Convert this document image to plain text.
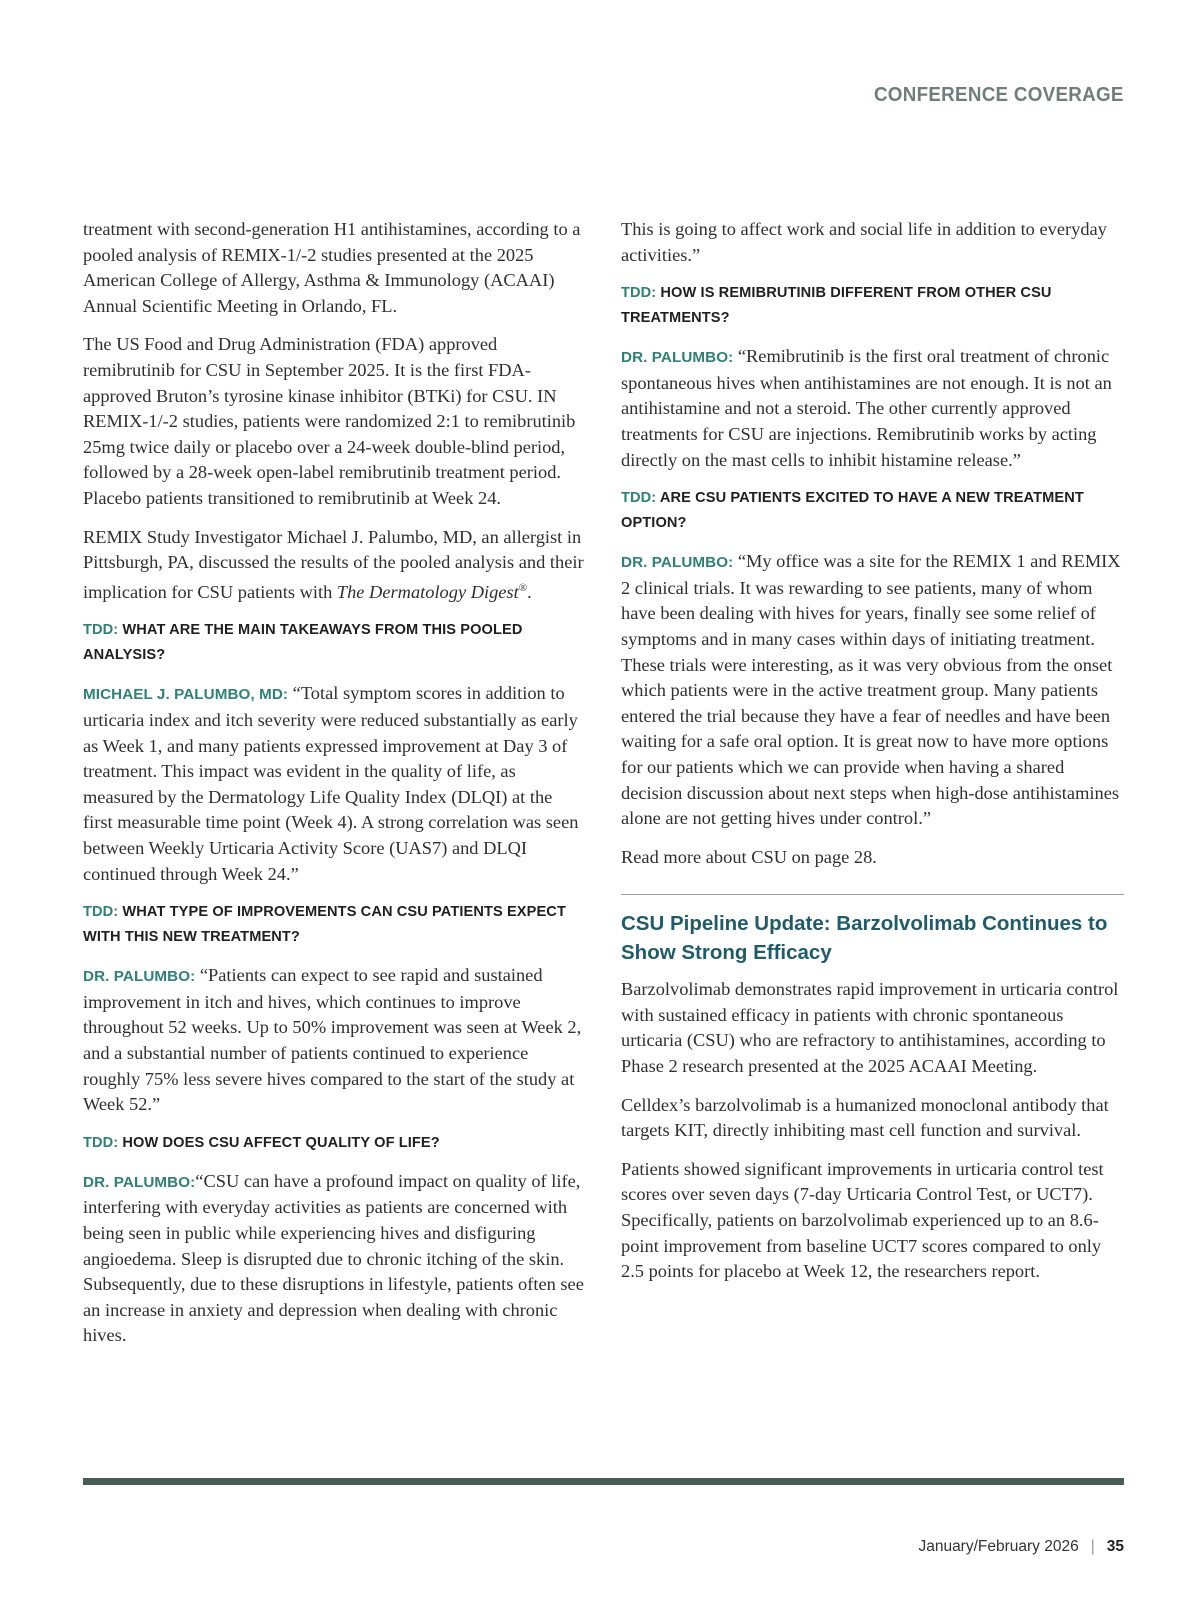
CONFERENCE COVERAGE

treatment with second-generation H1 antihistamines, according to a pooled analysis of REMIX-1/-2 studies presented at the 2025 American College of Allergy, Asthma & Immunology (ACAAI) Annual Scientific Meeting in Orlando, FL.

The US Food and Drug Administration (FDA) approved remibrutinib for CSU in September 2025. It is the first FDA-approved Bruton’s tyrosine kinase inhibitor (BTKi) for CSU. IN REMIX-1/-2 studies, patients were randomized 2:1 to remibrutinib 25mg twice daily or placebo over a 24-week double-blind period, followed by a 28-week open-label remibrutinib treatment period. Placebo patients transitioned to remibrutinib at Week 24.

REMIX Study Investigator Michael J. Palumbo, MD, an allergist in Pittsburgh, PA, discussed the results of the pooled analysis and their implication for CSU patients with The Dermatology Digest®.

TDD: WHAT ARE THE MAIN TAKEAWAYS FROM THIS POOLED ANALYSIS?

MICHAEL J. PALUMBO, MD: “Total symptom scores in addition to urticaria index and itch severity were reduced substantially as early as Week 1, and many patients expressed improvement at Day 3 of treatment. This impact was evident in the quality of life, as measured by the Dermatology Life Quality Index (DLQI) at the first measurable time point (Week 4). A strong correlation was seen between Weekly Urticaria Activity Score (UAS7) and DLQI continued through Week 24.”

TDD: WHAT TYPE OF IMPROVEMENTS CAN CSU PATIENTS EXPECT WITH THIS NEW TREATMENT?

DR. PALUMBO: “Patients can expect to see rapid and sustained improvement in itch and hives, which continues to improve throughout 52 weeks. Up to 50% improvement was seen at Week 2, and a substantial number of patients continued to experience roughly 75% less severe hives compared to the start of the study at Week 52.”

TDD: HOW DOES CSU AFFECT QUALITY OF LIFE?

DR. PALUMBO:“CSU can have a profound impact on quality of life, interfering with everyday activities as patients are concerned with being seen in public while experiencing hives and disfiguring angioedema. Sleep is disrupted due to chronic itching of the skin. Subsequently, due to these disruptions in lifestyle, patients often see an increase in anxiety and depression when dealing with chronic hives.

This is going to affect work and social life in addition to everyday activities.”

TDD: HOW IS REMIBRUTINIB DIFFERENT FROM OTHER CSU TREATMENTS?

DR. PALUMBO: “Remibrutinib is the first oral treatment of chronic spontaneous hives when antihistamines are not enough. It is not an antihistamine and not a steroid. The other currently approved treatments for CSU are injections. Remibrutinib works by acting directly on the mast cells to inhibit histamine release.”

TDD: ARE CSU PATIENTS EXCITED TO HAVE A NEW TREATMENT OPTION?

DR. PALUMBO: “My office was a site for the REMIX 1 and REMIX 2 clinical trials. It was rewarding to see patients, many of whom have been dealing with hives for years, finally see some relief of symptoms and in many cases within days of initiating treatment. These trials were interesting, as it was very obvious from the onset which patients were in the active treatment group. Many patients entered the trial because they have a fear of needles and have been waiting for a safe oral option. It is great now to have more options for our patients which we can provide when having a shared decision discussion about next steps when high-dose antihistamines alone are not getting hives under control.”

Read more about CSU on page 28.

CSU Pipeline Update: Barzolvolimab Continues to Show Strong Efficacy

Barzolvolimab demonstrates rapid improvement in urticaria control with sustained efficacy in patients with chronic spontaneous urticaria (CSU) who are refractory to antihistamines, according to Phase 2 research presented at the 2025 ACAAI Meeting.

Celldex’s barzolvolimab is a humanized monoclonal antibody that targets KIT, directly inhibiting mast cell function and survival.

Patients showed significant improvements in urticaria control test scores over seven days (7-day Urticaria Control Test, or UCT7). Specifically, patients on barzolvolimab experienced up to an 8.6-point improvement from baseline UCT7 scores compared to only 2.5 points for placebo at Week 12, the researchers report.

January/February 2026 | 35
